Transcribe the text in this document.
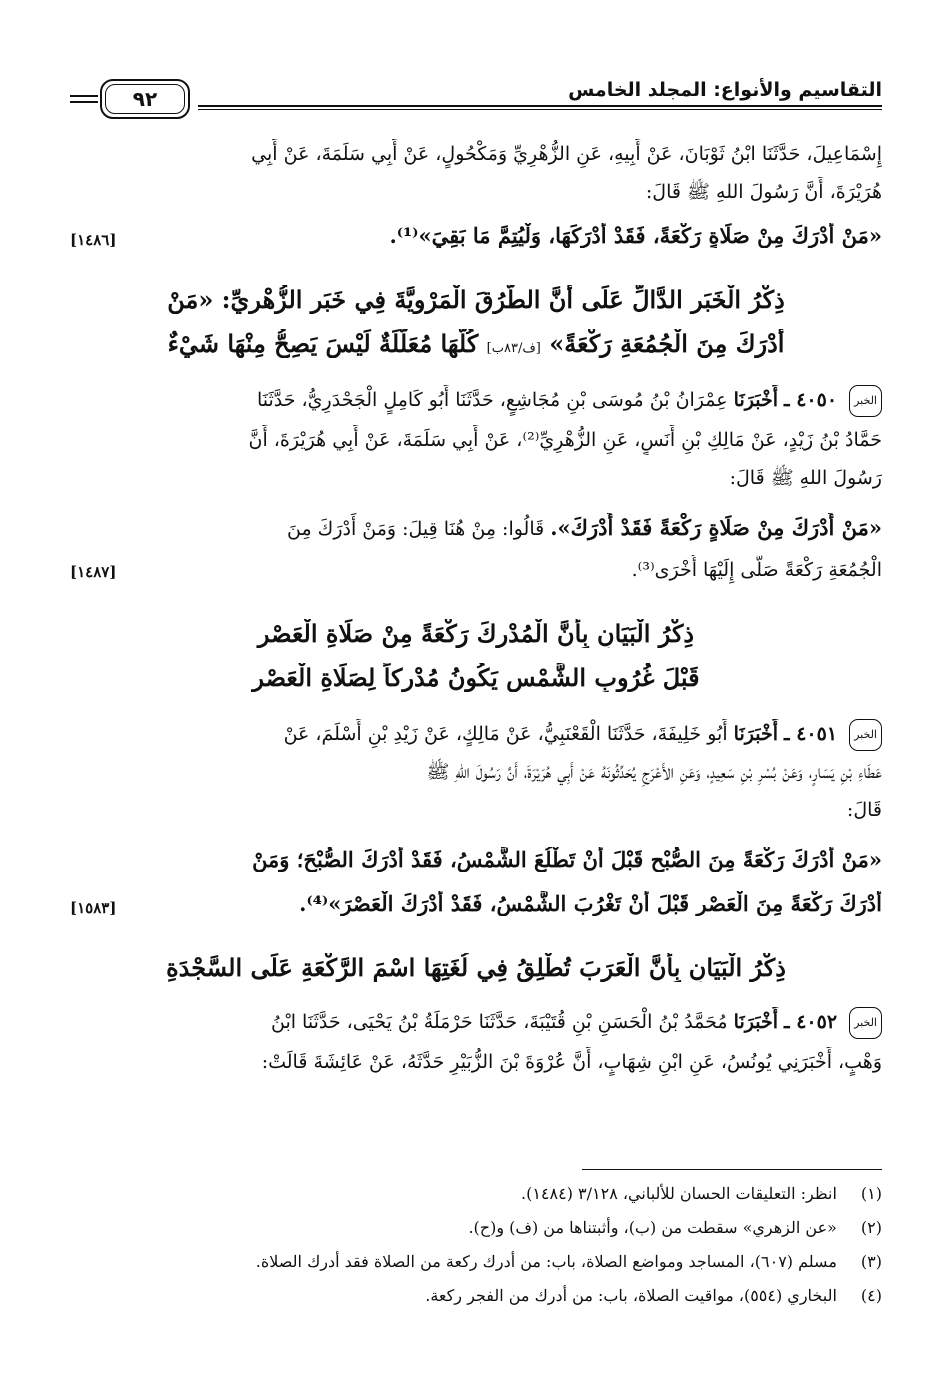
التقاسيم والأنواع: المجلد الخامس
٩٢
إِسْمَاعِيلَ، حَدَّثَنَا ابْنُ ثَوْبَانَ، عَنْ أَبِيهِ، عَنِ الزُّهْرِيِّ وَمَكْحُولٍ، عَنْ أَبِي سَلَمَةَ، عَنْ أَبِي
هُرَيْرَةَ، أَنَّ رَسُولَ اللهِ ﷺ قَالَ:
«مَنْ أَدْرَكَ مِنْ صَلَاةٍ رَكْعَةً، فَقَدْ أَدْرَكَهَا، وَلْيُتِمَّ مَا بَقِيَ»⁽¹⁾.
[١٤٨٦]
ذِكْرُ الْخَبَرِ الدَّالِّ عَلَى أَنَّ الطُّرُقَ الْمَرْوِيَّةَ فِي خَبَرِ الزُّهْرِيِّ: «مَنْ
أَدْرَكَ مِنَ الْجُمُعَةِ رَكْعَةً» [ف/٨٣ب] كُلَّهَا مُعَلَّلَةٌ لَيْسَ يَصِحُّ مِنْهَا شَيْءٌ
الخبر ٤٠٥٠ ـ أَخْبَرَنَا عِمْرَانُ بْنُ مُوسَى بْنِ مُجَاشِعٍ، حَدَّثَنَا أَبُو كَامِلٍ الْجَحْدَرِيُّ، حَدَّثَنَا
حَمَّادُ بْنُ زَيْدٍ، عَنْ مَالِكِ بْنِ أَنَسٍ، عَنِ الزُّهْرِيِّ⁽²⁾، عَنْ أَبِي سَلَمَةَ، عَنْ أَبِي هُرَيْرَةَ، أَنَّ
رَسُولَ اللهِ ﷺ قَالَ:
«مَنْ أَدْرَكَ مِنْ صَلَاةٍ رَكْعَةً فَقَدْ أَدْرَكَ». قَالُوا: مِنْ هُنَا قِيلَ: وَمَنْ أَدْرَكَ مِنَ
الْجُمُعَةِ رَكْعَةً صَلَّى إِلَيْهَا أُخْرَى⁽³⁾.
[١٤٨٧]
ذِكْرُ الْبَيَانِ بِأَنَّ الْمُدْرِكَ رَكْعَةً مِنْ صَلَاةِ الْعَصْرِ
قَبْلَ غُرُوبِ الشَّمْسِ يَكُونُ مُدْرِكاً لِصَلَاةِ الْعَصْرِ
الخبر ٤٠٥١ ـ أَخْبَرَنَا أَبُو خَلِيفَةَ، حَدَّثَنَا الْقَعْنَبِيُّ، عَنْ مَالِكٍ، عَنْ زَيْدِ بْنِ أَسْلَمَ، عَنْ
عَطَاءِ بْنِ يَسَارٍ، وَعَنْ بُسْرِ بْنِ سَعِيدٍ، وَعَنِ الأَعْرَجِ يُحَدِّثُونَهُ عَنْ أَبِي هُرَيْرَةَ، أَنَّ رَسُولَ اللهِ ﷺ
قَالَ:
«مَنْ أَدْرَكَ رَكْعَةً مِنَ الصُّبْحِ قَبْلَ أَنْ تَطْلُعَ الشَّمْسُ، فَقَدْ أَدْرَكَ الصُّبْحَ؛ وَمَنْ
أَدْرَكَ رَكْعَةً مِنَ الْعَصْرِ قَبْلَ أَنْ تَغْرُبَ الشَّمْسُ، فَقَدْ أَدْرَكَ الْعَصْرَ»⁽⁴⁾.
[١٥٨٣]
ذِكْرُ الْبَيَانِ بِأَنَّ الْعَرَبَ تُطْلِقُ فِي لُغَتِهَا اسْمَ الرَّكْعَةِ عَلَى السَّجْدَةِ
الخبر ٤٠٥٢ ـ أَخْبَرَنَا مُحَمَّدُ بْنُ الْحَسَنِ بْنِ قُتَيْبَةَ، حَدَّثَنَا حَرْمَلَةُ بْنُ يَحْيَى، حَدَّثَنَا ابْنُ
وَهْبٍ، أَخْبَرَنِي يُونُسُ، عَنِ ابْنِ شِهَابٍ، أَنَّ عُرْوَةَ بْنَ الزُّبَيْرِ حَدَّثَهُ، عَنْ عَائِشَةَ قَالَتْ:
(١) انظر: التعليقات الحسان للألباني، ٣/١٢٨ (١٤٨٤).
(٢) «عن الزهري» سقطت من (ب)، وأثبتناها من (ف) و(ح).
(٣) مسلم (٦٠٧)، المساجد ومواضع الصلاة، باب: من أدرك ركعة من الصلاة فقد أدرك الصلاة.
(٤) البخاري (٥٥٤)، مواقيت الصلاة، باب: من أدرك من الفجر ركعة.
